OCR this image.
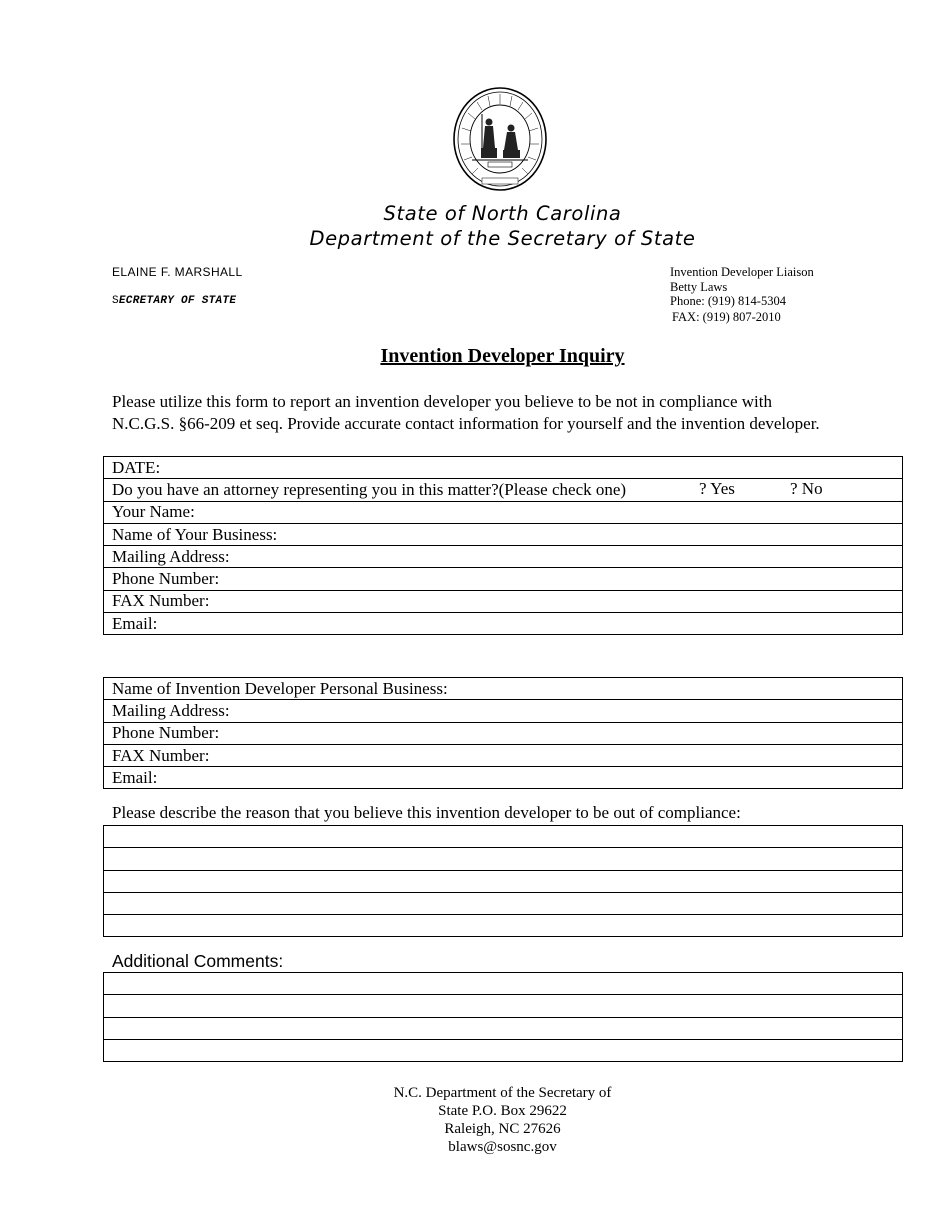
State of North Carolina
Department of the Secretary of State
ELAINE F. MARSHALL
SECRETARY OF STATE
Invention Developer Liaison
Betty Laws
Phone: (919) 814-5304
FAX: (919) 807-2010
Invention Developer Inquiry
Please utilize this form to report an invention developer you believe to be not in compliance with
N.C.G.S. §66-209 et seq. Provide accurate contact information for yourself and the invention developer.
DATE:
Do you have an attorney representing you in this matter?(Please check one)	? Yes	? No

Your Name:
Name of Your Business:
Mailing Address:
Phone Number:
FAX Number:
Email:
Name of Invention Developer Personal Business:
Mailing Address:
Phone Number:
FAX Number:
Email:
Please describe the reason that you believe this invention developer to be out of compliance:

Additional Comments:

N.C. Department of the Secretary of
State P.O. Box 29622
Raleigh, NC 27626
blaws@sosnc.gov
